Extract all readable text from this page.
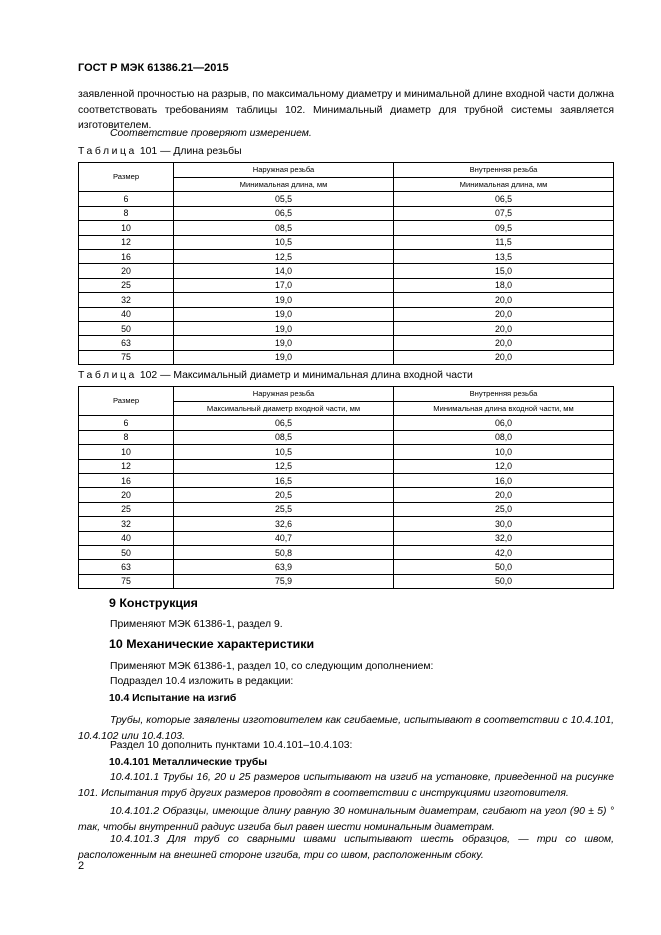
ГОСТ Р МЭК 61386.21—2015

заявленной прочностью на разрыв, по максимальному диаметру и минимальной длине входной части должна соответствовать требованиям таблицы 102. Минимальный диаметр для трубной системы заявляется изготовителем.

Соответствие проверяют измерением.

Таблица 101 — Длина резьбы
Размер	Наружная резьба	Внутренняя резьба
	Минимальная длина, мм	Минимальная длина, мм
6	05,5	06,5
8	06,5	07,5
10	08,5	09,5
12	10,5	11,5
16	12,5	13,5
20	14,0	15,0
25	17,0	18,0
32	19,0	20,0
40	19,0	20,0
50	19,0	20,0
63	19,0	20,0
75	19,0	20,0
Таблица 102 — Максимальный диаметр и минимальная длина входной части
Размер	Наружная резьба	Внутренняя резьба
	Максимальный диаметр входной части, мм	Минимальная длина входной части, мм
6	06,5	06,0
8	08,5	08,0
10	10,5	10,0
12	12,5	12,0
16	16,5	16,0
20	20,5	20,0
25	25,5	25,0
32	32,6	30,0
40	40,7	32,0
50	50,8	42,0
63	63,9	50,0
75	75,9	50,0
9 Конструкция

Применяют МЭК 61386-1, раздел 9.

10 Механические характеристики

Применяют МЭК 61386-1, раздел 10, со следующим дополнением:

Подраздел 10.4 изложить в редакции:

10.4 Испытание на изгиб

Трубы, которые заявлены изготовителем как сгибаемые, испытывают в соответствии с 10.4.101, 10.4.102 или 10.4.103.

Раздел 10 дополнить пунктами 10.4.101–10.4.103:

10.4.101 Металлические трубы

10.4.101.1 Трубы 16, 20 и 25 размеров испытывают на изгиб на установке, приведенной на рисунке 101. Испытания труб других размеров проводят в соответствии с инструкциями изготовителя.

10.4.101.2 Образцы, имеющие длину равную 30 номинальным диаметрам, сгибают на угол (90 ± 5) ° так, чтобы внутренний радиус изгиба был равен шести номинальным диаметрам.

10.4.101.3 Для труб со сварными швами испытывают шесть образцов, — три со швом, расположенным на внешней стороне изгиба, три со швом, расположенным сбоку.

2
